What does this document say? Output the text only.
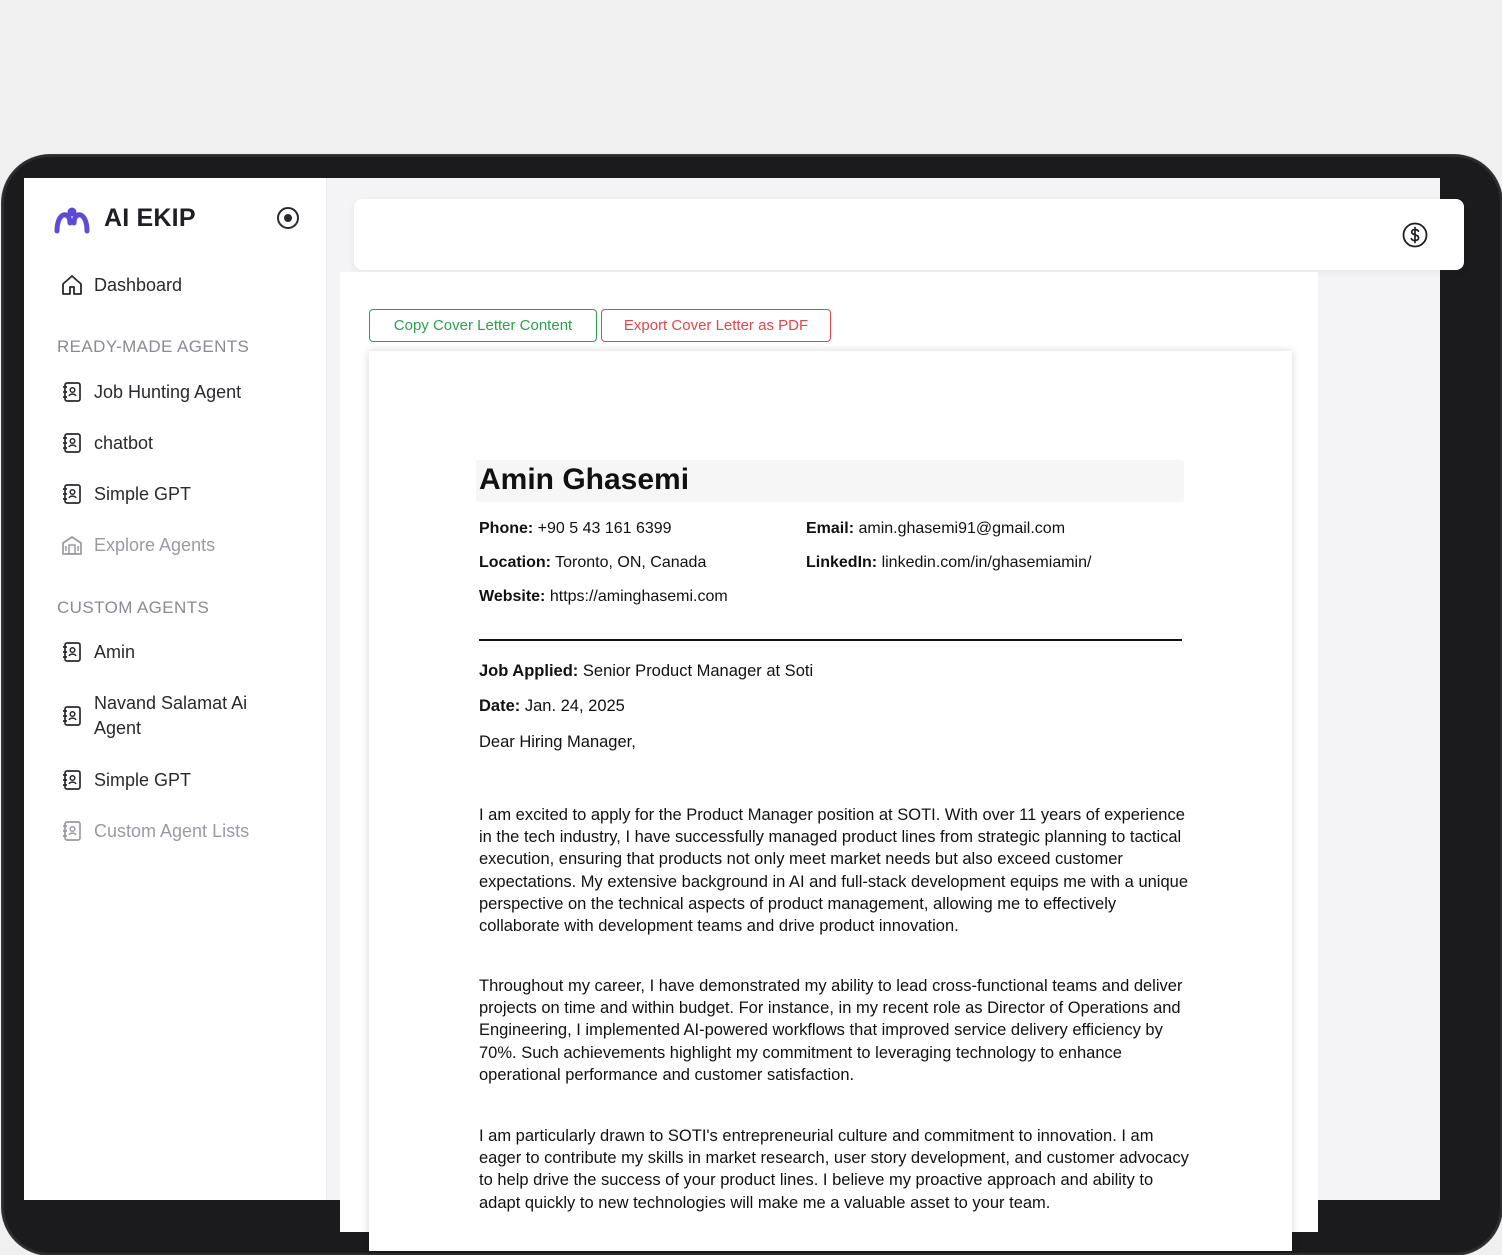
AI EKIP
Dashboard
READY-MADE AGENTS
Job Hunting Agent
chatbot
Simple GPT
Explore Agents
CUSTOM AGENTS
Amin
Navand Salamat Ai Agent
Simple GPT
Custom Agent Lists
Copy Cover Letter Content	Export Cover Letter as PDF
Amin Ghasemi
Phone: +90 5 43 161 6399	Email: amin.ghasemi91@gmail.com
Location: Toronto, ON, Canada	LinkedIn: linkedin.com/in/ghasemiamin/
Website: https://aminghasemi.com
Job Applied: Senior Product Manager at Soti
Date: Jan. 24, 2025
Dear Hiring Manager,

I am excited to apply for the Product Manager position at SOTI. With over 11 years of experience in the tech industry, I have successfully managed product lines from strategic planning to tactical execution, ensuring that products not only meet market needs but also exceed customer expectations. My extensive background in AI and full-stack development equips me with a unique perspective on the technical aspects of product management, allowing me to effectively collaborate with development teams and drive product innovation.

Throughout my career, I have demonstrated my ability to lead cross-functional teams and deliver projects on time and within budget. For instance, in my recent role as Director of Operations and Engineering, I implemented AI-powered workflows that improved service delivery efficiency by 70%. Such achievements highlight my commitment to leveraging technology to enhance operational performance and customer satisfaction.

I am particularly drawn to SOTI's entrepreneurial culture and commitment to innovation. I am eager to contribute my skills in market research, user story development, and customer advocacy to help drive the success of your product lines. I believe my proactive approach and ability to adapt quickly to new technologies will make me a valuable asset to your team.
